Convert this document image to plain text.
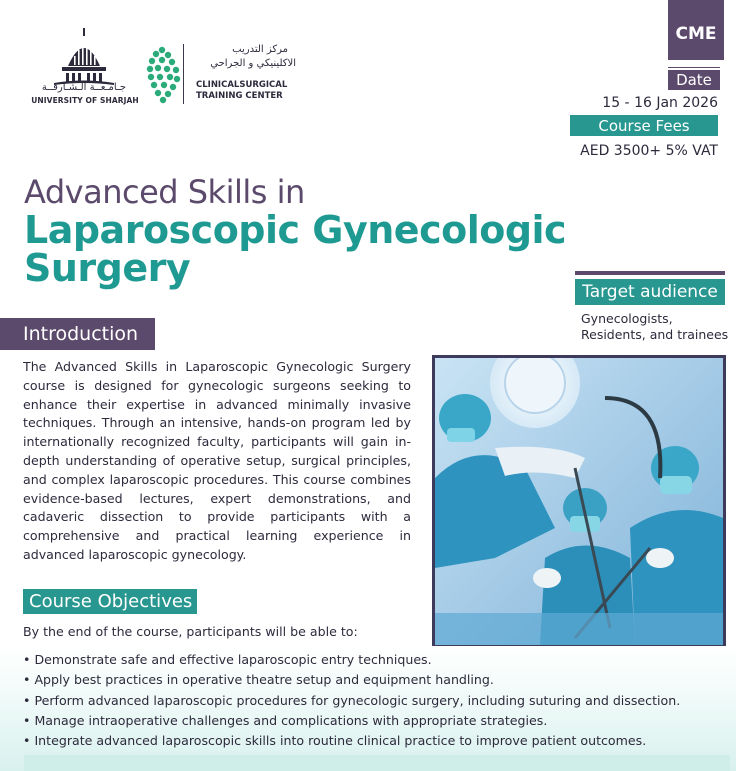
جـامـعــة الـشـارقــة
UNIVERSITY OF SHARJAH
مركز التدريب
الاكلينيكي و الجراحي
CLINICALSURGICAL
TRAINING CENTER
CME
Date
15 - 16 Jan 2026
Course Fees
AED 3500+ 5% VAT
Advanced Skills in
Laparoscopic Gynecologic
Surgery
Target audience
Gynecologists,
Residents, and trainees
Introduction
The Advanced Skills in Laparoscopic Gynecologic Surgery course is designed for gynecologic surgeons seeking to enhance their expertise in advanced minimally invasive techniques. Through an intensive, hands-on program led by internationally recognized faculty, participants will gain in-depth understanding of operative setup, surgical principles, and complex laparoscopic procedures. This course combines evidence-based lectures, expert demonstrations, and cadaveric dissection to provide participants with a comprehensive and practical learning experience in advanced laparoscopic gynecology.
Course Objectives
By the end of the course, participants will be able to:
• Demonstrate safe and effective laparoscopic entry techniques.
• Apply best practices in operative theatre setup and equipment handling.
• Perform advanced laparoscopic procedures for gynecologic surgery, including suturing and dissection.
• Manage intraoperative challenges and complications with appropriate strategies.
• Integrate advanced laparoscopic skills into routine clinical practice to improve patient outcomes.
